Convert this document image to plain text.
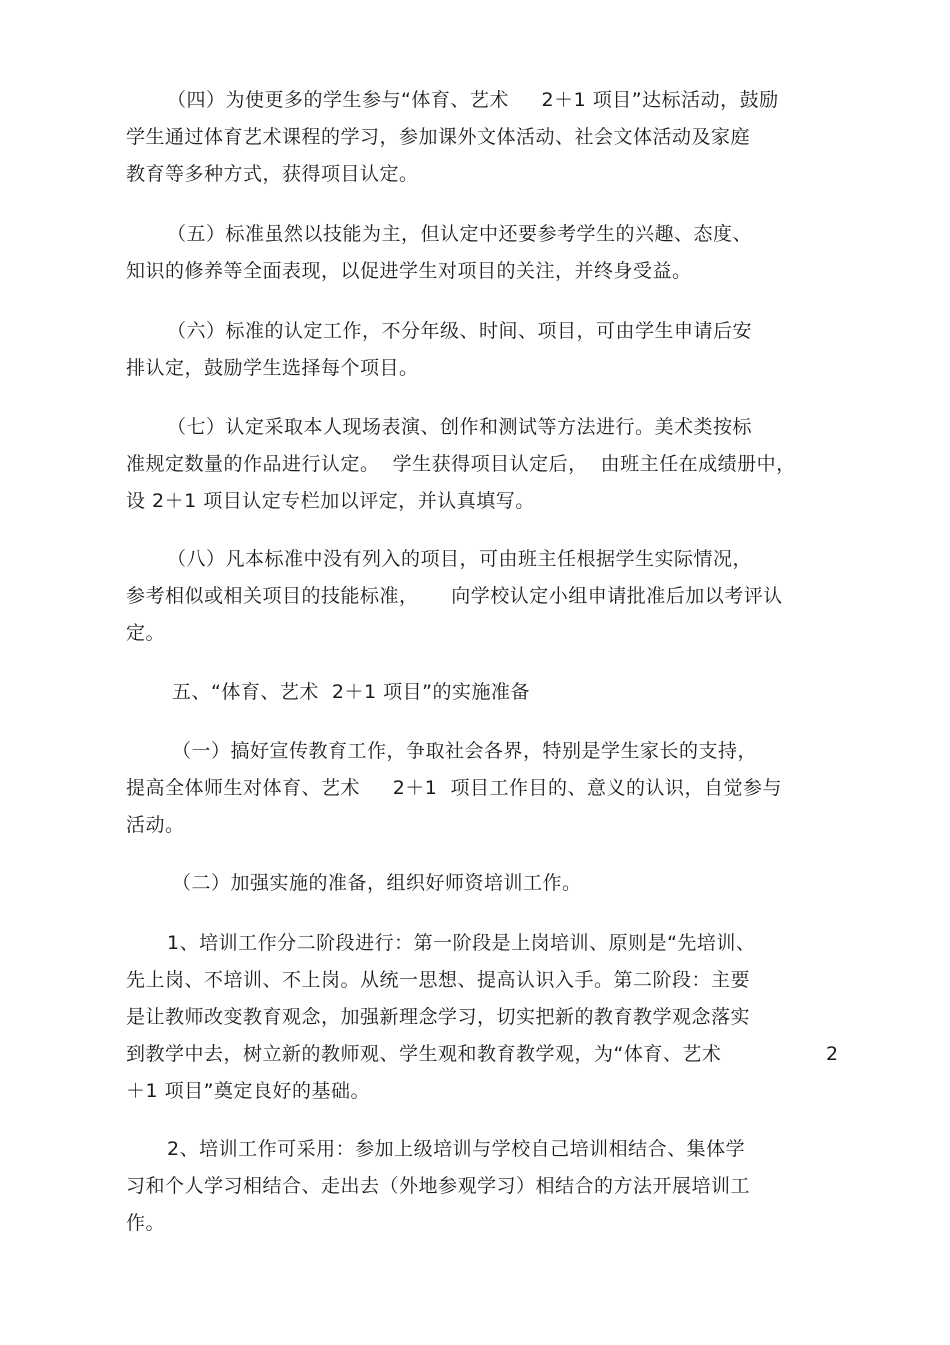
（四）为使更多的学生参与“体育、艺术     2＋1 项目”达标活动，鼓励
学生通过体育艺术课程的学习，参加课外文体活动、社会文体活动及家庭
教育等多种方式，获得项目认定。
（五）标准虽然以技能为主，但认定中还要参考学生的兴趣、态度、
知识的修养等全面表现，以促进学生对项目的关注，并终身受益。
（六）标准的认定工作，不分年级、时间、项目，可由学生申请后安
排认定，鼓励学生选择每个项目。
（七）认定采取本人现场表演、创作和测试等方法进行。美术类按标
准规定数量的作品进行认定。  学生获得项目认定后，  由班主任在成绩册中，
设 2＋1 项目认定专栏加以评定，并认真填写。
（八）凡本标准中没有列入的项目，可由班主任根据学生实际情况，
参考相似或相关项目的技能标准，     向学校认定小组申请批准后加以考评认
定。
五、“体育、艺术  2＋1 项目”的实施准备
（一）搞好宣传教育工作，争取社会各界，特别是学生家长的支持，
提高全体师生对体育、艺术     2＋1  项目工作目的、意义的认识，自觉参与
活动。
（二）加强实施的准备，组织好师资培训工作。
1、培训工作分二阶段进行：第一阶段是上岗培训、原则是“先培训、
先上岗、不培训、不上岗。从统一思想、提高认识入手。第二阶段：主要
是让教师改变教育观念，加强新理念学习，切实把新的教育教学观念落实
到教学中去，树立新的教师观、学生观和教育教学观，为“体育、艺术	2
＋1 项目”奠定良好的基础。
2、培训工作可采用：参加上级培训与学校自己培训相结合、集体学
习和个人学习相结合、走出去（外地参观学习）相结合的方法开展培训工
作。
